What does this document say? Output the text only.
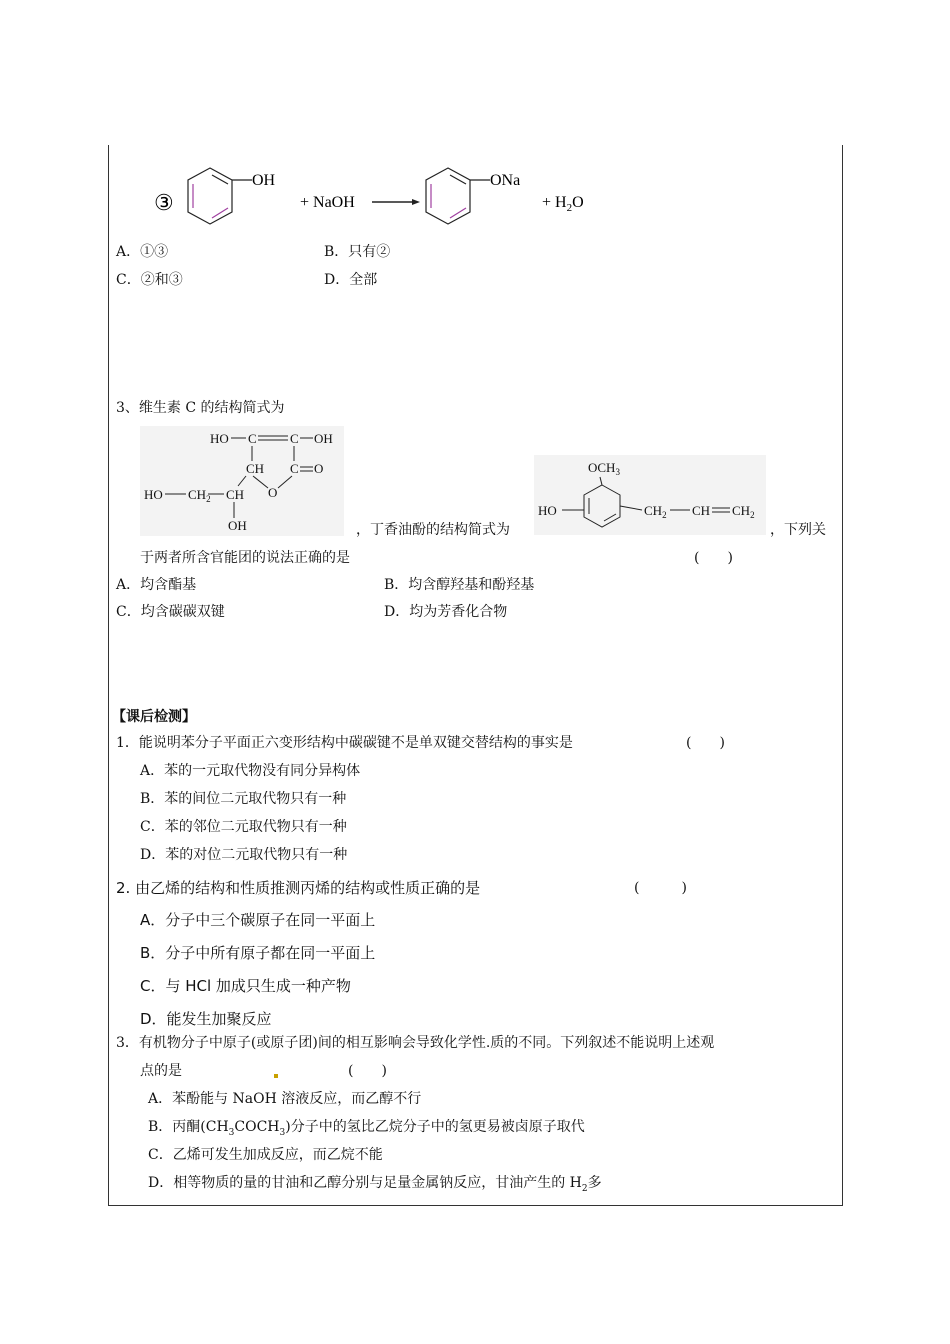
③
OH
+ NaOH
ONa
+ $H_2O$
A．①③	B．只有②
C．②和③	D．全部
3、维生素 C 的结构简式为
HO C	C OH
CH C O
HO $CH_2$ CH O
OH	，丁香油酚的结构简式为
$OCH_3$
HO	$CH_2$ CH $CH_2$
，下列关
于两者所含官能团的说法正确的是	(　　)
A．均含酯基	B．均含醇羟基和酚羟基
C．均含碳碳双键	D．均为芳香化合物
【课后检测】
1．能说明苯分子平面正六变形结构中碳碳键不是单双键交替结构的事实是	(　　)
A．苯的一元取代物没有同分异构体
B．苯的间位二元取代物只有一种
C．苯的邻位二元取代物只有一种
D．苯的对位二元取代物只有一种
2. 由乙烯的结构和性质推测丙烯的结构或性质正确的是	(　　　)
A．分子中三个碳原子在同一平面上
B．分子中所有原子都在同一平面上
C．与 HCl 加成只生成一种产物
D．能发生加聚反应
3．有机物分子中原子(或原子团)间的相互影响会导致化学性.质的不同。下列叙述不能说明上述观
点的是	(　　)
A．苯酚能与 NaOH 溶液反应，而乙醇不行
B．丙酮$(CH_3COCH_3)$分子中的氢比乙烷分子中的氢更易被卤原子取代
C．乙烯可发生加成反应，而乙烷不能
D．相等物质的量的甘油和乙醇分别与足量金属钠反应，甘油产生的 $H_2$多
